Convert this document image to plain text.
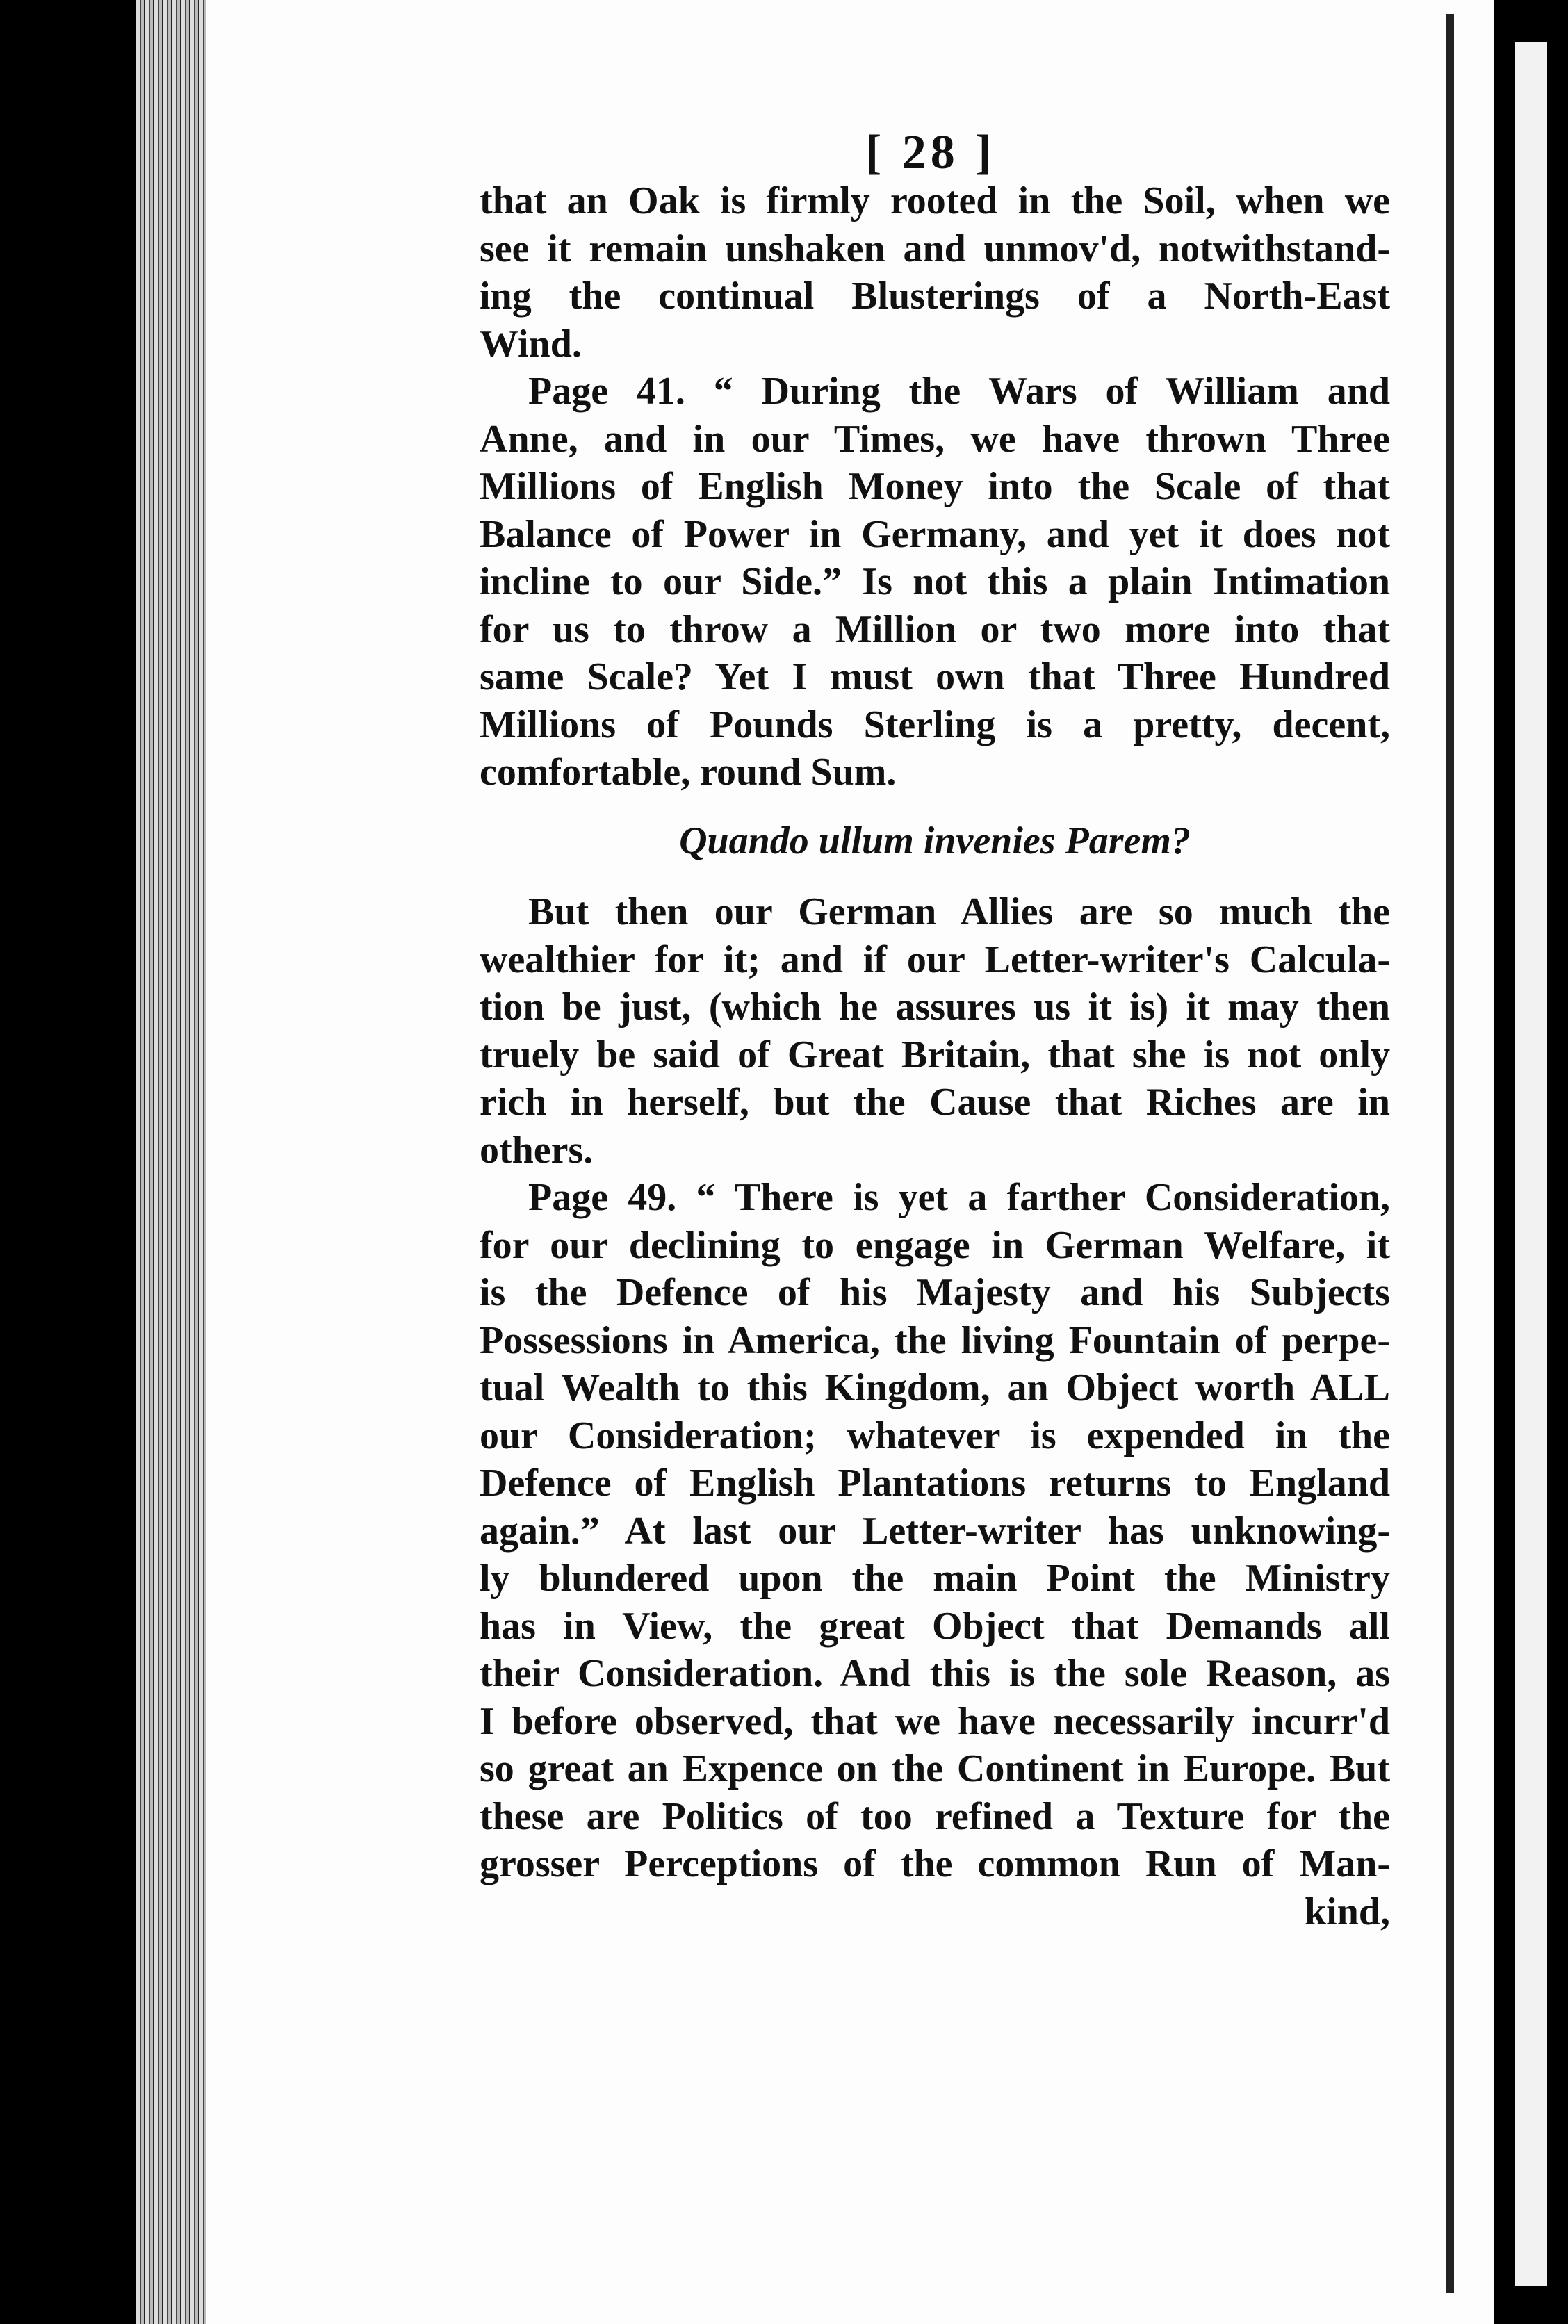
[ 28 ]
that an Oak is firmly rooted in the Soil, when we
see it remain unshaken and unmov'd, notwithstand-
ing the continual Blusterings of a North-East
Wind.
Page 41. “ During the Wars of William and
Anne, and in our Times, we have thrown Three
Millions of English Money into the Scale of that
Balance of Power in Germany, and yet it does not
incline to our Side.” Is not this a plain Intimation
for us to throw a Million or two more into that
same Scale? Yet I must own that Three Hundred
Millions of Pounds Sterling is a pretty, decent,
comfortable, round Sum.
Quando ullum invenies Parem?
But then our German Allies are so much the
wealthier for it; and if our Letter-writer's Calcula-
tion be just, (which he assures us it is) it may then
truely be said of Great Britain, that she is not only
rich in herself, but the Cause that Riches are in
others.
Page 49. “ There is yet a farther Consideration,
for our declining to engage in German Welfare, it
is the Defence of his Majesty and his Subjects
Possessions in America, the living Fountain of perpe-
tual Wealth to this Kingdom, an Object worth ALL
our Consideration; whatever is expended in the
Defence of English Plantations returns to England
again.” At last our Letter-writer has unknowing-
ly blundered upon the main Point the Ministry
has in View, the great Object that Demands all
their Consideration. And this is the sole Reason, as
I before observed, that we have necessarily incurr'd
so great an Expence on the Continent in Europe. But
these are Politics of too refined a Texture for the
grosser Perceptions of the common Run of Man-
kind,
